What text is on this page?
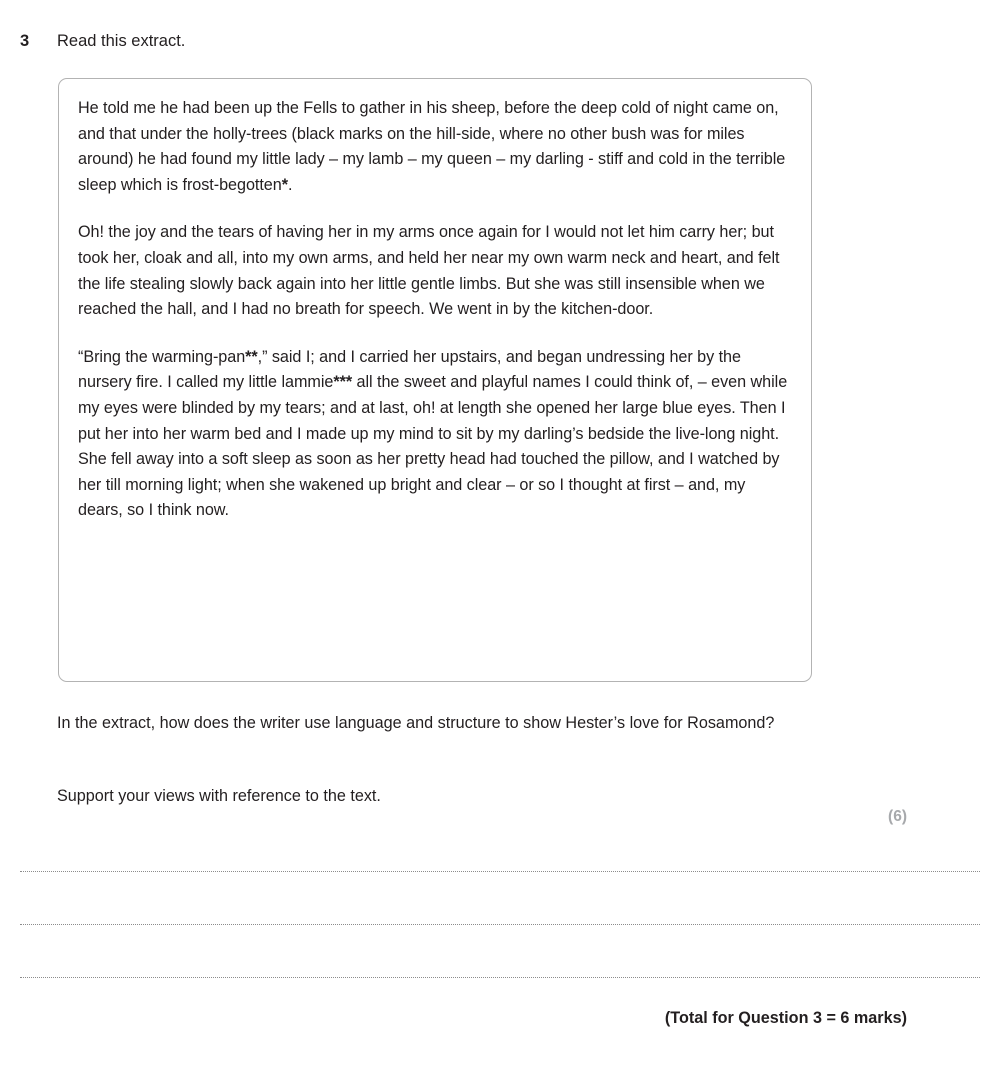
3 Read this extract.

He told me he had been up the Fells to gather in his sheep, before the deep cold of night came on, and that under the holly-trees (black marks on the hill-side, where no other bush was for miles around) he had found my little lady – my lamb – my queen – my darling - stiff and cold in the terrible sleep which is frost-begotten*.

Oh! the joy and the tears of having her in my arms once again for I would not let him carry her; but took her, cloak and all, into my own arms, and held her near my own warm neck and heart, and felt the life stealing slowly back again into her little gentle limbs. But she was still insensible when we reached the hall, and I had no breath for speech. We went in by the kitchen-door.

“Bring the warming-pan**,” said I; and I carried her upstairs, and began undressing her by the nursery fire. I called my little lammie*** all the sweet and playful names I could think of, – even while my eyes were blinded by my tears; and at last, oh! at length she opened her large blue eyes. Then I put her into her warm bed and I made up my mind to sit by my darling’s bedside the live-long night. She fell away into a soft sleep as soon as her pretty head had touched the pillow, and I watched by her till morning light; when she wakened up bright and clear – or so I thought at first – and, my dears, so I think now.

In the extract, how does the writer use language and structure to show Hester’s love for Rosamond?
Support your views with reference to the text.
(6)
(Total for Question 3 = 6 marks)
